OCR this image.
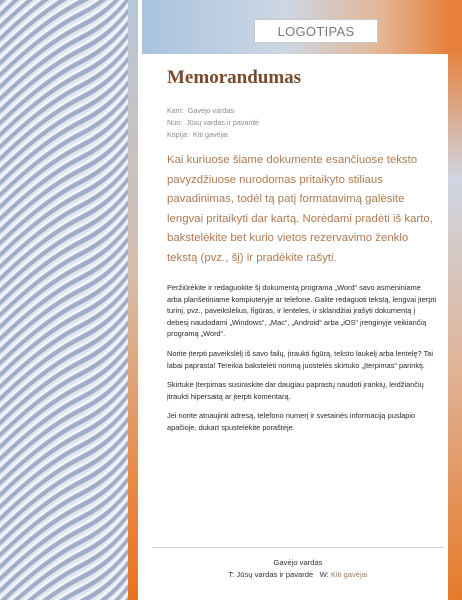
LOGOTIPAS
Memorandumas
Kam: Gavėjo vardas
Nuo: Jūsų vardas ir pavardė
Kopija: Kiti gavėjai
Kai kuriuose šiame dokumente esančiuose teksto pavyzdžiuose nurodomas pritaikyto stiliaus pavadinimas, todėl tą patį formatavimą galėsite lengvai pritaikyti dar kartą. Norėdami pradėti iš karto, bakstelėkite bet kurio vietos rezervavimo ženklo tekstą (pvz., šį) ir pradėkite rašyti.

Peržiūrėkite ir redaguokite šį dokumentą programa „Word“ savo asmeniniame arba planšetiniame kompiuteryje ar telefone. Galite redaguoti tekstą, lengvai įterpti turinį, pvz., paveikslėlius, figūras, ir lenteles, ir sklandžiai įrašyti dokumentą į debesį naudodami „Windows“, „Mac“, „Android“ arba „iOS“ įrenginyje veikiančią programą „Word“.

Norite įterpti paveikslėlį iš savo failų, įtraukti figūrą, teksto laukelį arba lentelę? Tai labai paprasta! Tereikia bakstelėti norimą juostelės skirtuko „Įterpimas“ parinktį.

Skirtuke Įterpimas susiraskite dar daugiau paprastų naudoti įrankių, leidžiančių įtraukti hipersaitą ar įterpti komentarą.

Jei norite atnaujinti adresą, telefono numerį ir svetainės informaciją puslapio apačioje, dukart spustelėkite poraštėje.

Gavėjo vardas
T: Jūsų vardas ir pavardė W: Kiti gavėjai
